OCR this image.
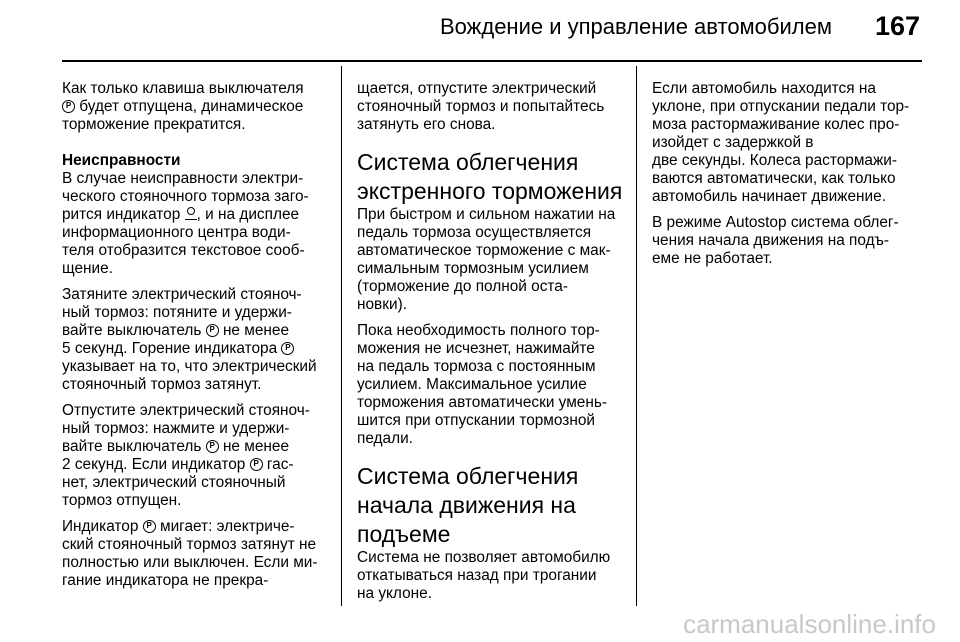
Вождение и управление автомобилем 167

Как только клавиша выключателя
P будет отпущена, динамическое
торможение прекратится.

Неисправности
В случае неисправности электри-
ческого стояночного тормоза заго-
рится индикатор , и на дисплее
информационного центра води-
теля отобразится текстовое сооб-
щение.

Затяните электрический стояноч-
ный тормоз: потяните и удержи-
вайте выключатель P не менее
5 секунд. Горение индикатора P
указывает на то, что электрический
стояночный тормоз затянут.

Отпустите электрический стояноч-
ный тормоз: нажмите и удержи-
вайте выключатель P не менее
2 секунд. Если индикатор P гас-
нет, электрический стояночный
тормоз отпущен.

Индикатор P мигает: электриче-
ский стояночный тормоз затянут не
полностью или выключен. Если ми-
гание индикатора не прекра-

щается, отпустите электрический
стояночный тормоз и попытайтесь
затянуть его снова.

Система облегчения
экстренного торможения

При быстром и сильном нажатии на
педаль тормоза осуществляется
автоматическое торможение с мак-
симальным тормозным усилием
(торможение до полной оста-
новки).

Пока необходимость полного тор-
можения не исчезнет, нажимайте
на педаль тормоза с постоянным
усилием. Максимальное усилие
торможения автоматически умень-
шится при отпускании тормозной
педали.

Система облегчения
начала движения на
подъеме

Система не позволяет автомобилю
откатываться назад при трогании
на уклоне.

Если автомобиль находится на
уклоне, при отпускании педали тор-
моза растормаживание колес про-
изойдет с задержкой в
две секунды. Колеса растормажи-
ваются автоматически, как только
автомобиль начинает движение.

В режиме Autostop система облег-
чения начала движения на подъ-
еме не работает.

carmanualsonline.info
